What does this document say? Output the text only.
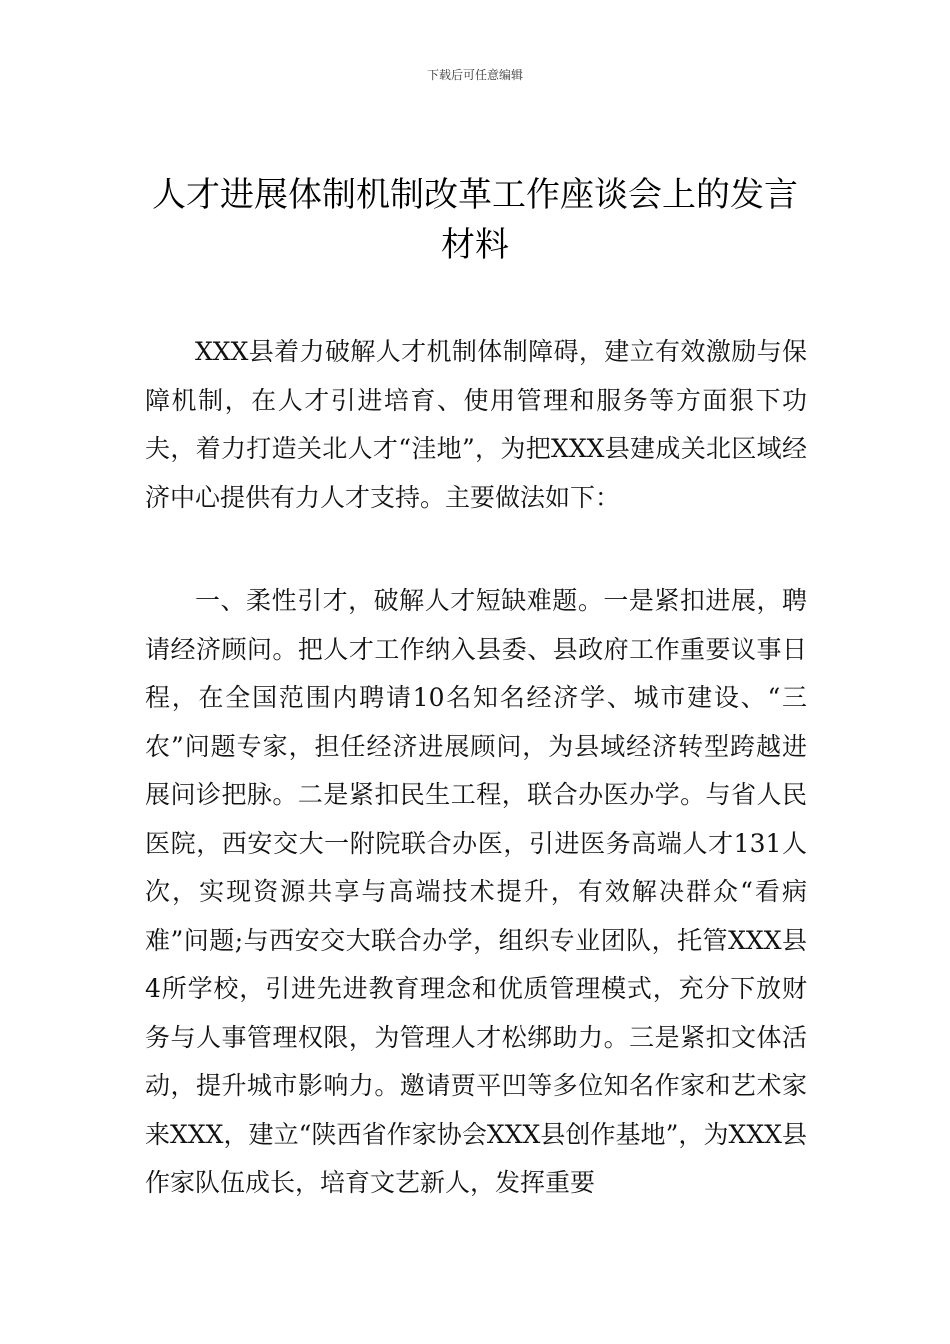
下载后可任意编辑
人才进展体制机制改革工作座谈会上的发言材料

XXX县着力破解人才机制体制障碍，建立有效激励与保障机制，在人才引进培育、使用管理和服务等方面狠下功夫，着力打造关北人才“洼地”，为把XXX县建成关北区域经济中心提供有力人才支持。主要做法如下：

一、柔性引才，破解人才短缺难题。一是紧扣进展，聘请经济顾问。把人才工作纳入县委、县政府工作重要议事日程，在全国范围内聘请10名知名经济学、城市建设、“三农”问题专家，担任经济进展顾问，为县域经济转型跨越进展问诊把脉。二是紧扣民生工程，联合办医办学。与省人民医院，西安交大一附院联合办医，引进医务高端人才131人次，实现资源共享与高端技术提升，有效解决群众“看病难”问题;与西安交大联合办学，组织专业团队，托管XXX县4所学校，引进先进教育理念和优质管理模式，充分下放财务与人事管理权限，为管理人才松绑助力。三是紧扣文体活动，提升城市影响力。邀请贾平凹等多位知名作家和艺术家来XXX，建立“陕西省作家协会XXX县创作基地”，为XXX县作家队伍成长，培育文艺新人，发挥重要
